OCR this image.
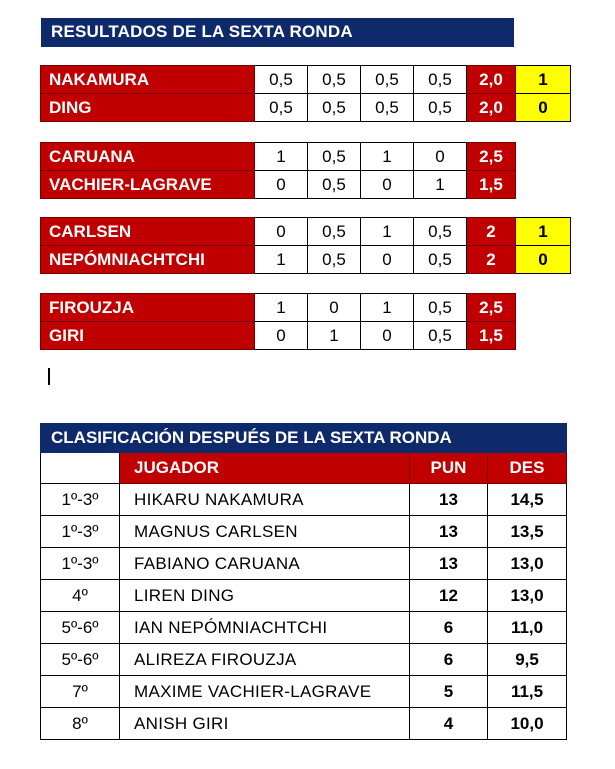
RESULTADOS DE LA SEXTA RONDA
NAKAMURA	0,5	0,5	0,5	0,5	2,0	1
DING	0,5	0,5	0,5	0,5	2,0	0
CARUANA	1	0,5	1	0	2,5
VACHIER-LAGRAVE	0	0,5	0	1	1,5
CARLSEN	0	0,5	1	0,5	2	1
NEPÓMNIACHTCHI	1	0,5	0	0,5	2	0
FIROUZJA	1	0	1	0,5	2,5
GIRI	0	1	0	0,5	1,5
CLASIFICACIÓN DESPUÉS DE LA SEXTA RONDA			
	JUGADOR	PUN	DES
1º-3º	HIKARU NAKAMURA	13	14,5
1º-3º	MAGNUS CARLSEN	13	13,5
1º-3º	FABIANO CARUANA	13	13,0
4º	LIREN DING	12	13,0
5º-6º	IAN NEPÓMNIACHTCHI	6	11,0
5º-6º	ALIREZA FIROUZJA	6	9,5
7º	MAXIME VACHIER-LAGRAVE	5	11,5
8º	ANISH GIRI	4	10,0
